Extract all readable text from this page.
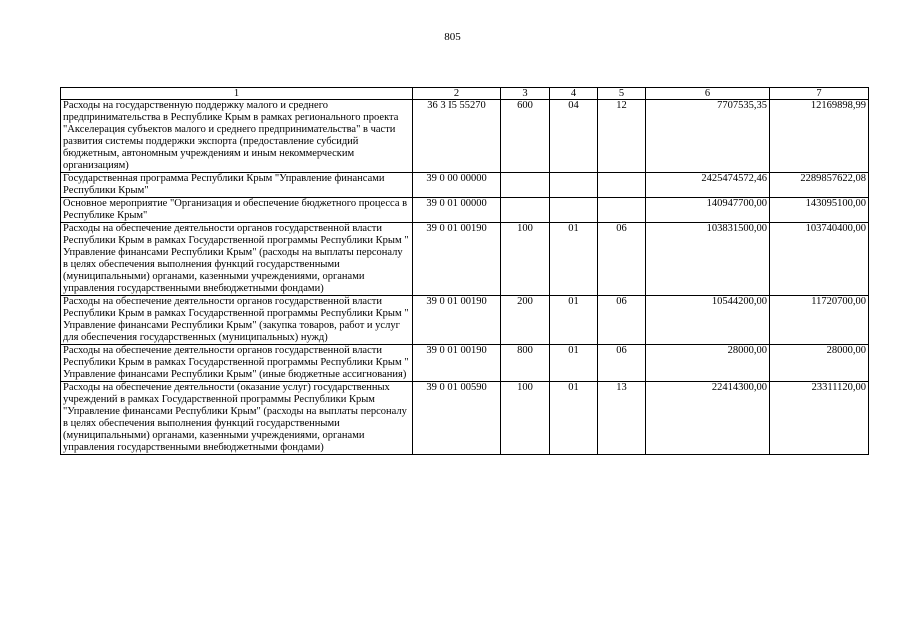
805
1	2	3	4	5	6	7
Расходы на государственную поддержку малого и среднего предпринимательства в Республике Крым в рамках регионального проекта "Акселерация субъектов малого и среднего предпринимательства" в части развития системы поддержки экспорта (предоставление субсидий бюджетным, автономным учреждениям и иным некоммерческим организациям)	36 3 I5 55270	600	04	12	7707535,35	12169898,99
Государственная программа Республики Крым "Управление финансами Республики Крым"	39 0 00 00000				2425474572,46	2289857622,08
Основное мероприятие "Организация и обеспечение бюджетного процесса в Республике Крым"	39 0 01 00000				140947700,00	143095100,00
Расходы на обеспечение деятельности органов государственной власти Республики Крым в рамках Государственной программы Республики Крым " Управление финансами Республики Крым" (расходы на выплаты персоналу в целях обеспечения выполнения функций государственными (муниципальными) органами, казенными учреждениями, органами управления государственными внебюджетными фондами)	39 0 01 00190	100	01	06	103831500,00	103740400,00
Расходы на обеспечение деятельности органов государственной власти Республики Крым в рамках Государственной программы Республики Крым " Управление финансами Республики Крым" (закупка товаров, работ и услуг для обеспечения государственных (муниципальных) нужд)	39 0 01 00190	200	01	06	10544200,00	11720700,00
Расходы на обеспечение деятельности органов государственной власти Республики Крым в рамках Государственной программы Республики Крым " Управление финансами Республики Крым" (иные бюджетные ассигнования)	39 0 01 00190	800	01	06	28000,00	28000,00
Расходы на обеспечение деятельности (оказание услуг) государственных учреждений в рамках Государственной программы Республики Крым "Управление финансами Республики Крым" (расходы на выплаты персоналу в целях обеспечения выполнения функций государственными (муниципальными) органами, казенными учреждениями, органами управления государственными внебюджетными фондами)	39 0 01 00590	100	01	13	22414300,00	23311120,00
